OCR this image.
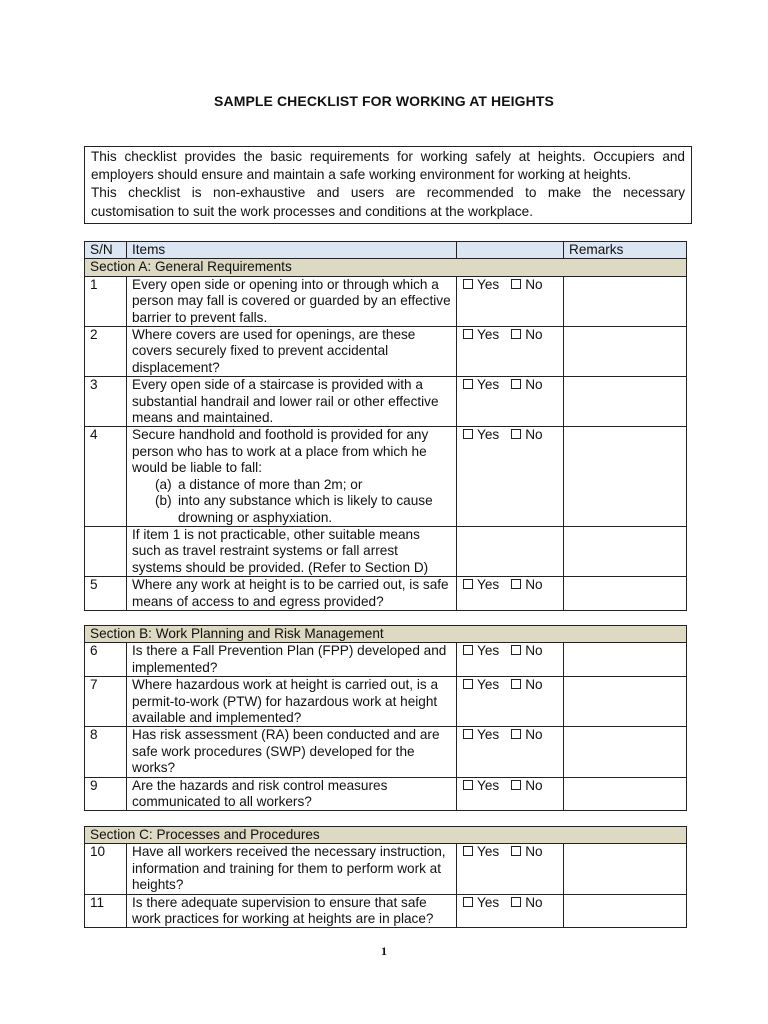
SAMPLE CHECKLIST FOR WORKING AT HEIGHTS

This checklist provides the basic requirements for working safely at heights. Occupiers and employers should ensure and maintain a safe working environment for working at heights.

This checklist is non-exhaustive and users are recommended to make the necessary customisation to suit the work processes and conditions at the workplace.

S/N	Items		Remarks
Section A: General Requirements			
1	Every open side or opening into or through which a person may fall is covered or guarded by an effective barrier to prevent falls.	Yes No	
2	Where covers are used for openings, are these covers securely fixed to prevent accidental displacement?	Yes No	
3	Every open side of a staircase is provided with a substantial handrail and lower rail or other effective means and maintained.	Yes No	
4	Secure handhold and foothold is provided for any person who has to work at a place from which he would be liable to fall:
(a) a distance of more than 2m; or
(b) into any substance which is likely to cause
drowning or asphyxiation.	Yes No	
	If item 1 is not practicable, other suitable means such as travel restraint systems or fall arrest systems should be provided. (Refer to Section D)		
5	Where any work at height is to be carried out, is safe means of access to and egress provided?	Yes No	
Section B: Work Planning and Risk Management			
6	Is there a Fall Prevention Plan (FPP) developed and implemented?	Yes No	
7	Where hazardous work at height is carried out, is a permit-to-work (PTW) for hazardous work at height available and implemented?	Yes No	
8	Has risk assessment (RA) been conducted and are safe work procedures (SWP) developed for the works?	Yes No	
9	Are the hazards and risk control measures communicated to all workers?	Yes No	
Section C: Processes and Procedures			
10	Have all workers received the necessary instruction, information and training for them to perform work at heights?	Yes No	
11	Is there adequate supervision to ensure that safe work practices for working at heights are in place?	Yes No	
1
